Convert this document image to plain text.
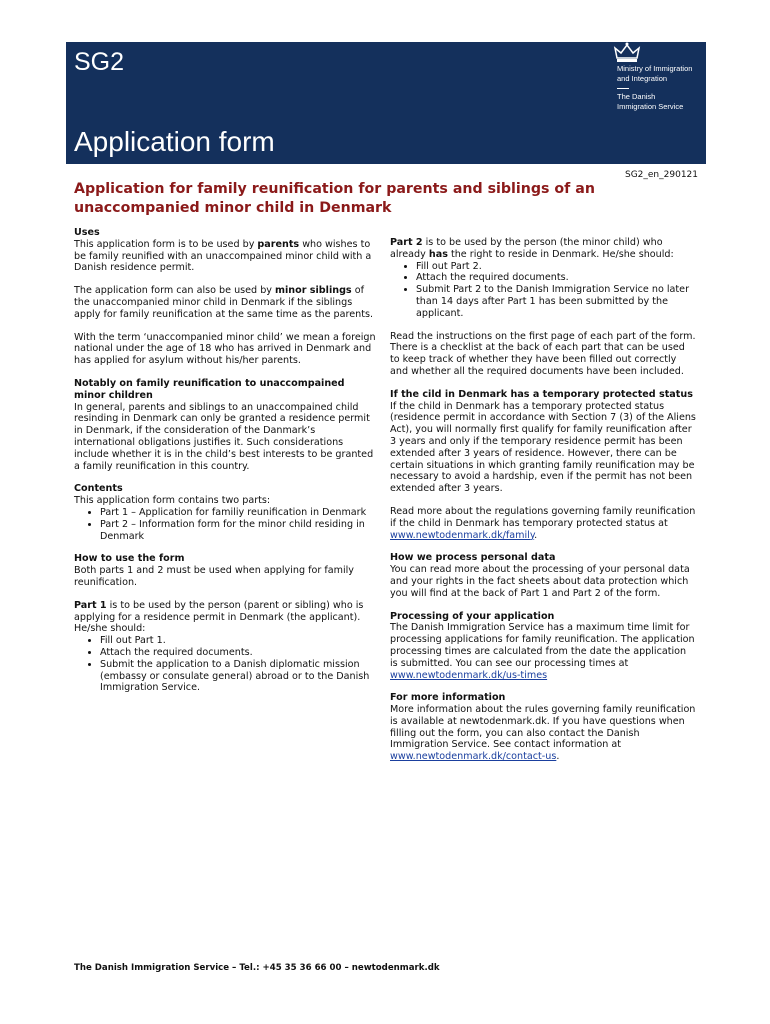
SG2
Application form
Ministry of Immigration and Integration
The Danish Immigration Service
SG2_en_290121
Application for family reunification for parents and siblings of an unaccompanied minor child in Denmark
Uses

This application form is to be used by parents who wishes to be family reunified with an unaccompained minor child with a Danish residence permit.

The application form can also be used by minor siblings of the unaccompanied minor child in Denmark if the siblings apply for family reunification at the same time as the parents.

With the term ‘unaccompanied minor child’ we mean a foreign national under the age of 18 who has arrived in Denmark and has applied for asylum without his/her parents.

Notably on family reunification to unaccompained minor children

In general, parents and siblings to an unaccompained child resinding in Denmark can only be granted a residence permit in Denmark, if the consideration of the Danmark’s international obligations justifies it. Such considerations include whether it is in the child’s best interests to be granted a family reunification in this country.

Contents
This application form contains two parts:
• Part 1 – Application for familiy reunification in Denmark
• Part 2 – Information form for the minor child residing in Denmark
How to use the form

Both parts 1 and 2 must be used when applying for family reunification.

Part 1 is to be used by the person (parent or sibling) who is applying for a residence permit in Denmark (the applicant). He/she should:
• Fill out Part 1.
• Attach the required documents.
• Submit the application to a Danish diplomatic mission (embassy or consulate general) abroad or to the Danish Immigration Service.
Part 2 is to be used by the person (the minor child) who already has the right to reside in Denmark. He/she should:
• Fill out Part 2.
• Attach the required documents.
• Submit Part 2 to the Danish Immigration Service no later than 14 days after Part 1 has been submitted by the applicant.

Read the instructions on the first page of each part of the form. There is a checklist at the back of each part that can be used to keep track of whether they have been filled out correctly and whether all the required documents have been included.

If the cild in Denmark has a temporary protected status

If the child in Denmark has a temporary protected status (residence permit in accordance with Section 7 (3) of the Aliens Act), you will normally first qualify for family reunification after 3 years and only if the temporary residence permit has been extended after 3 years of residence. However, there can be certain situations in which granting family reunification may be necessary to avoid a hardship, even if the permit has not been extended after 3 years.

Read more about the regulations governing family reunification if the child in Denmark has temporary protected status at www.newtodenmark.dk/family.

How we process personal data

You can read more about the processing of your personal data and your rights in the fact sheets about data protection which you will find at the back of Part 1 and Part 2 of the form.

Processing of your application

The Danish Immigration Service has a maximum time limit for processing applications for family reunification. The application processing times are calculated from the date the application is submitted. You can see our processing times at www.newtodenmark.dk/us-times

For more information

More information about the rules governing family reunification is available at newtodenmark.dk. If you have questions when filling out the form, you can also contact the Danish Immigration Service. See contact information at www.newtodenmark.dk/contact-us.

The Danish Immigration Service – Tel.: +45 35 36 66 00 – newtodenmark.dk
